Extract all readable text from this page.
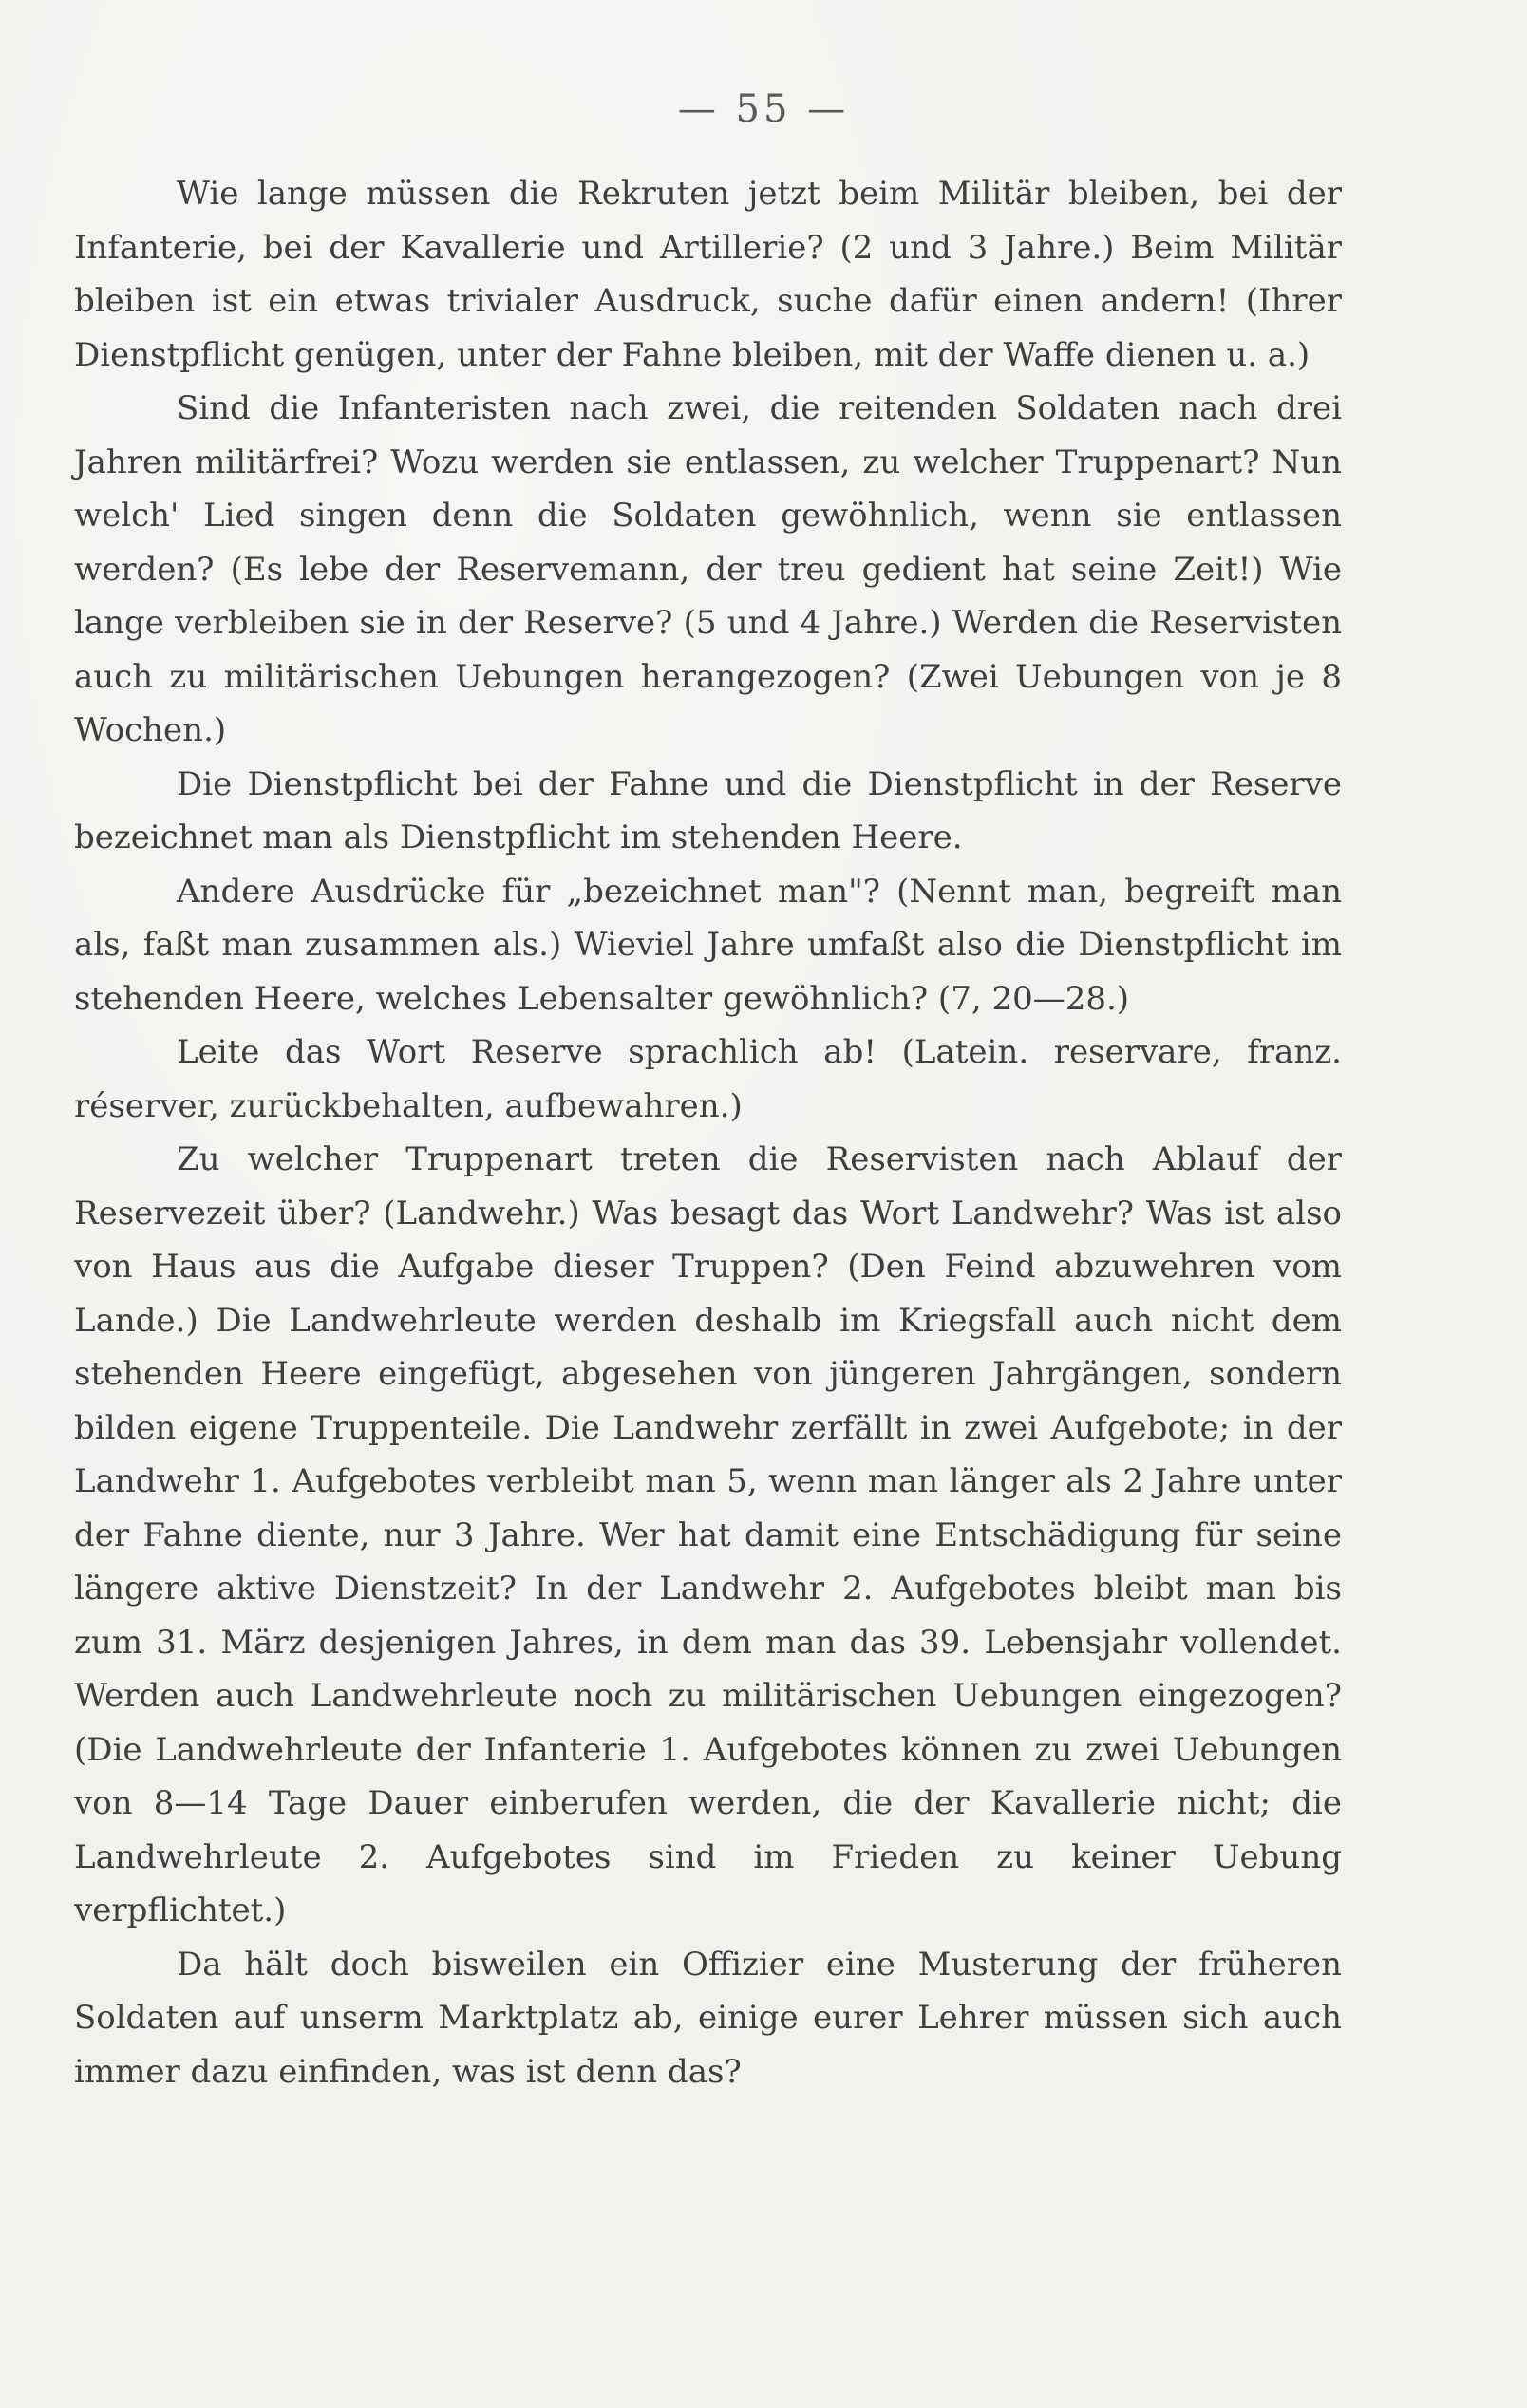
— 55 —

Wie lange müssen die Rekruten jetzt beim Militär bleiben, bei der Infanterie, bei der Kavallerie und Artillerie? (2 und 3 Jahre.) Beim Militär bleiben ist ein etwas trivialer Ausdruck, suche dafür einen andern! (Ihrer Dienstpflicht genügen, unter der Fahne bleiben, mit der Waffe dienen u. a.)

Sind die Infanteristen nach zwei, die reitenden Soldaten nach drei Jahren militärfrei? Wozu werden sie entlassen, zu welcher Truppenart? Nun welch' Lied singen denn die Soldaten gewöhnlich, wenn sie entlassen werden? (Es lebe der Reservemann, der treu gedient hat seine Zeit!) Wie lange verbleiben sie in der Reserve? (5 und 4 Jahre.) Werden die Reservisten auch zu militärischen Uebungen herangezogen? (Zwei Uebungen von je 8 Wochen.)

Die Dienstpflicht bei der Fahne und die Dienstpflicht in der Reserve bezeichnet man als Dienstpflicht im stehenden Heere.

Andere Ausdrücke für „bezeichnet man"? (Nennt man, begreift man als, faßt man zusammen als.) Wieviel Jahre umfaßt also die Dienstpflicht im stehenden Heere, welches Lebensalter gewöhnlich? (7, 20—28.)

Leite das Wort Reserve sprachlich ab! (Latein. reservare, franz. réserver, zurückbehalten, aufbewahren.)

Zu welcher Truppenart treten die Reservisten nach Ablauf der Reservezeit über? (Landwehr.) Was besagt das Wort Landwehr? Was ist also von Haus aus die Aufgabe dieser Truppen? (Den Feind abzuwehren vom Lande.) Die Landwehrleute werden deshalb im Kriegsfall auch nicht dem stehenden Heere eingefügt, abgesehen von jüngeren Jahrgängen, sondern bilden eigene Truppenteile. Die Landwehr zerfällt in zwei Aufgebote; in der Landwehr 1. Aufgebotes verbleibt man 5, wenn man länger als 2 Jahre unter der Fahne diente, nur 3 Jahre. Wer hat damit eine Entschädigung für seine längere aktive Dienstzeit? In der Landwehr 2. Aufgebotes bleibt man bis zum 31. März desjenigen Jahres, in dem man das 39. Lebensjahr vollendet. Werden auch Landwehrleute noch zu militärischen Uebungen eingezogen? (Die Landwehrleute der Infanterie 1. Aufgebotes können zu zwei Uebungen von 8—14 Tage Dauer einberufen werden, die der Kavallerie nicht; die Landwehrleute 2. Aufgebotes sind im Frieden zu keiner Uebung verpflichtet.)

Da hält doch bisweilen ein Offizier eine Musterung der früheren Soldaten auf unserm Marktplatz ab, einige eurer Lehrer müssen sich auch immer dazu einfinden, was ist denn das?
